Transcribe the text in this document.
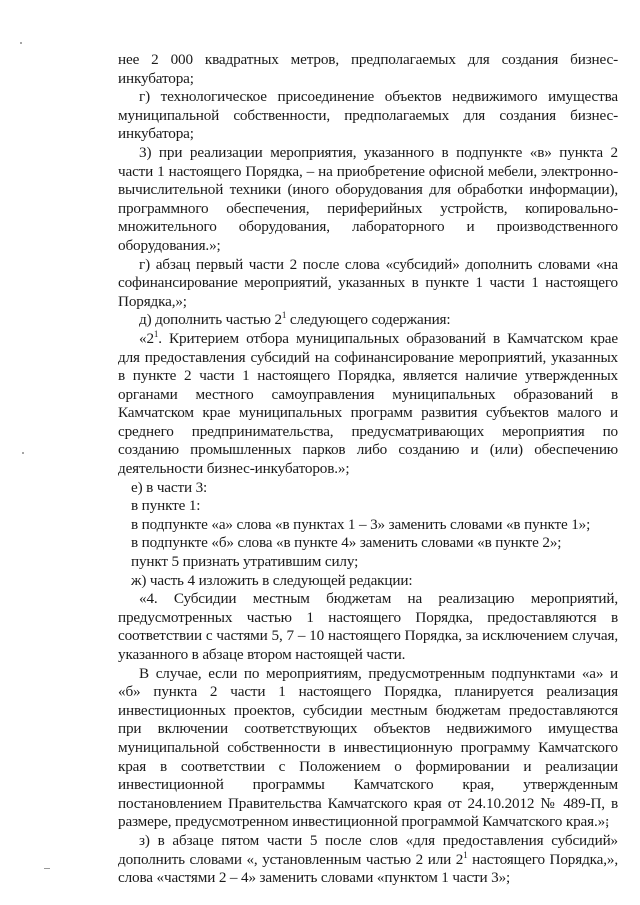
нее 2 000 квадратных метров, предполагаемых для создания бизнес-инкубатора;

г) технологическое присоединение объектов недвижимого имущества муниципальной собственности, предполагаемых для создания бизнес-инкубатора;

3) при реализации мероприятия, указанного в подпункте «в» пункта 2 части 1 настоящего Порядка, – на приобретение офисной мебели, электронно-вычислительной техники (иного оборудования для обработки информации), программного обеспечения, периферийных устройств, копировально-множительного оборудования, лабораторного и производственного оборудования.»;

г) абзац первый части 2 после слова «субсидий» дополнить словами «на софинансирование мероприятий, указанных в пункте 1 части 1 настоящего Порядка,»;

д) дополнить частью $2^1$ следующего содержания:

«$2^1$. Критерием отбора муниципальных образований в Камчатском крае для предоставления субсидий на софинансирование мероприятий, указанных в пункте 2 части 1 настоящего Порядка, является наличие утвержденных органами местного самоуправления муниципальных образований в Камчатском крае муниципальных программ развития субъектов малого и среднего предпринимательства, предусматривающих мероприятия по созданию промышленных парков либо созданию и (или) обеспечению деятельности бизнес-инкубаторов.»;

е) в части 3:

в пункте 1:

в подпункте «а» слова «в пунктах 1 – 3» заменить словами «в пункте 1»;

в подпункте «б» слова «в пункте 4» заменить словами «в пункте 2»;

пункт 5 признать утратившим силу;

ж) часть 4 изложить в следующей редакции:

«4. Субсидии местным бюджетам на реализацию мероприятий, предусмотренных частью 1 настоящего Порядка, предоставляются в соответствии с частями 5, 7 – 10 настоящего Порядка, за исключением случая, указанного в абзаце втором настоящей части.

В случае, если по мероприятиям, предусмотренным подпунктами «а» и «б» пункта 2 части 1 настоящего Порядка, планируется реализация инвестиционных проектов, субсидии местным бюджетам предоставляются при включении соответствующих объектов недвижимого имущества муниципальной собственности в инвестиционную программу Камчатского края в соответствии с Положением о формировании и реализации инвестиционной программы Камчатского края, утвержденным постановлением Правительства Камчатского края от 24.10.2012 № 489-П, в размере, предусмотренном инвестиционной программой Камчатского края.»;

з) в абзаце пятом части 5 после слов «для предоставления субсидий» дополнить словами «, установленным частью 2 или $2^1$ настоящего Порядка,», слова «частями 2 – 4» заменить словами «пунктом 1 части 3»;
